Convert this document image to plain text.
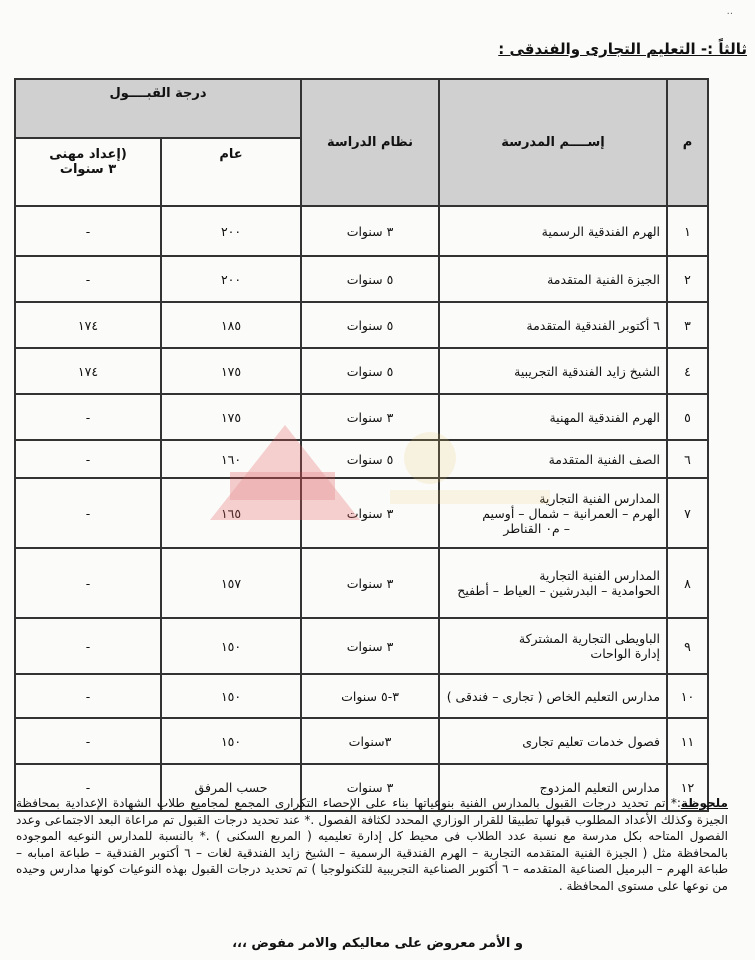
..
ثالثاً :- التعليم التجارى والفندقى :
م	إســــم المدرسة	نظام الدراسة	درجة القبــــول	
			عام	(إعداد مهنى
٣ سنوات

١	الهرم الفندقية الرسمية	٣ سنوات	٢٠٠	-
٢	الجيزة الفنية المتقدمة	٥ سنوات	٢٠٠	-
٣	٦ أكتوبر الفندقية المتقدمة	٥ سنوات	١٨٥	١٧٤
٤	الشيخ زايد الفندقية التجريبية	٥ سنوات	١٧٥	١٧٤
٥	الهرم الفندقية المهنية	٣ سنوات	١٧٥	-
٦	الصف الفنية المتقدمة	٥ سنوات	١٦٠	-
٧	المدارس الفنية التجارية
الهرم – العمرانية – شمال – أوسيم
– م٠ القناطر	٣ سنوات	١٦٥	-
٨	المدارس الفنية التجارية
الحوامدية – البدرشين – العياط – أطفيح	٣ سنوات	١٥٧	-
٩	الباويطى التجارية المشتركة
إدارة الواحات	٣ سنوات	١٥٠	-
١٠	مدارس التعليم الخاص ( تجارى – فندقى )	٣-٥ سنوات	١٥٠	-
١١	فصول خدمات تعليم تجارى	٣سنوات	١٥٠	-
١٢	مدارس التعليم المزدوج	٣ سنوات	حسب المرفق	-
ملحوظة:* تم تحديد درجات القبول بالمدارس الفنية بنوعياتها بناء على الإحصاء التكرارى المجمع لمجاميع طلاب الشهادة الإعدادية بمحافظة الجيزة وكذلك الأعداد المطلوب قبولها تطبيقا للقرار الوزاري المحدد لكثافة الفصول .* عند تحديد درجات القبول تم مراعاة البعد الاجتماعى وعدد الفصول المتاحه بكل مدرسة مع نسبة عدد الطلاب فى محيط كل إدارة تعليميه ( المربع السكنى ) .* بالنسبة للمدارس النوعيه الموجوده بالمحافظة مثل ( الجيزة الفنية المتقدمه التجارية – الهرم الفندقية الرسمية – الشيخ زايد الفندقية لغات – ٦ أكتوبر الفندقية – طباعة امبابه – طباعة الهرم – البرميل الصناعية المتقدمه – ٦ أكتوبر الصناعية التجريبية للتكنولوجيا ) تم تحديد درجات القبول بهذه النوعيات كونها مدارس وحيده من نوعها على مستوى المحافظة .
و الأمر معروض على معاليكم والامر مفوض ،،،
